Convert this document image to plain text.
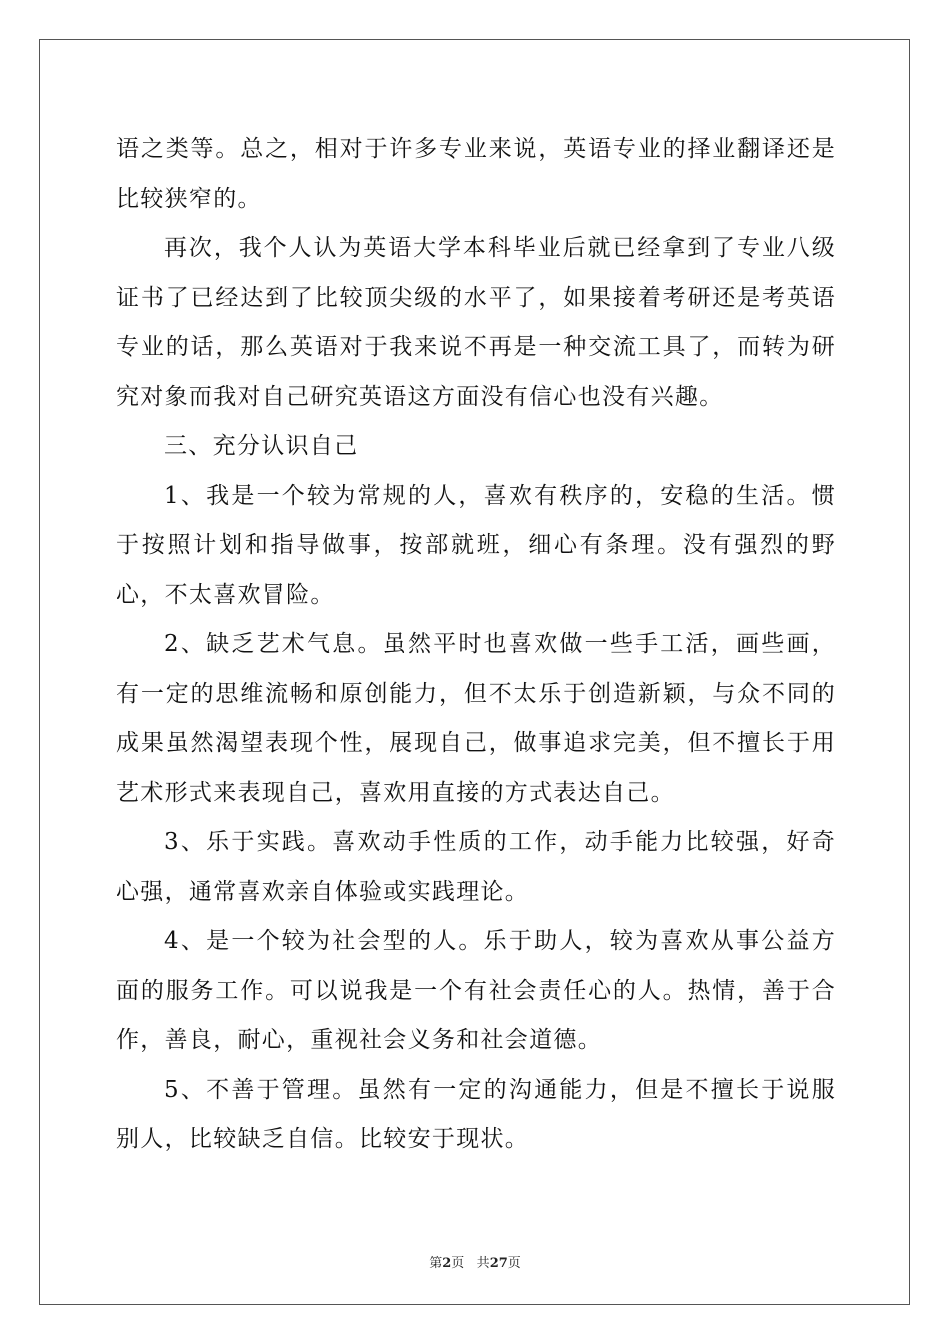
语之类等。总之，相对于许多专业来说，英语专业的择业翻译还是比较狭窄的。

再次，我个人认为英语大学本科毕业后就已经拿到了专业八级证书了已经达到了比较顶尖级的水平了，如果接着考研还是考英语专业的话，那么英语对于我来说不再是一种交流工具了，而转为研究对象而我对自己研究英语这方面没有信心也没有兴趣。

三、充分认识自己

1、我是一个较为常规的人，喜欢有秩序的，安稳的生活。惯于按照计划和指导做事，按部就班，细心有条理。没有强烈的野心，不太喜欢冒险。

2、缺乏艺术气息。虽然平时也喜欢做一些手工活，画些画，有一定的思维流畅和原创能力，但不太乐于创造新颖，与众不同的成果虽然渴望表现个性，展现自己，做事追求完美，但不擅长于用艺术形式来表现自己，喜欢用直接的方式表达自己。

3、乐于实践。喜欢动手性质的工作，动手能力比较强，好奇心强，通常喜欢亲自体验或实践理论。

4、是一个较为社会型的人。乐于助人，较为喜欢从事公益方面的服务工作。可以说我是一个有社会责任心的人。热情，善于合作，善良，耐心，重视社会义务和社会道德。

5、不善于管理。虽然有一定的沟通能力，但是不擅长于说服别人，比较缺乏自信。比较安于现状。

第2页 共27页
